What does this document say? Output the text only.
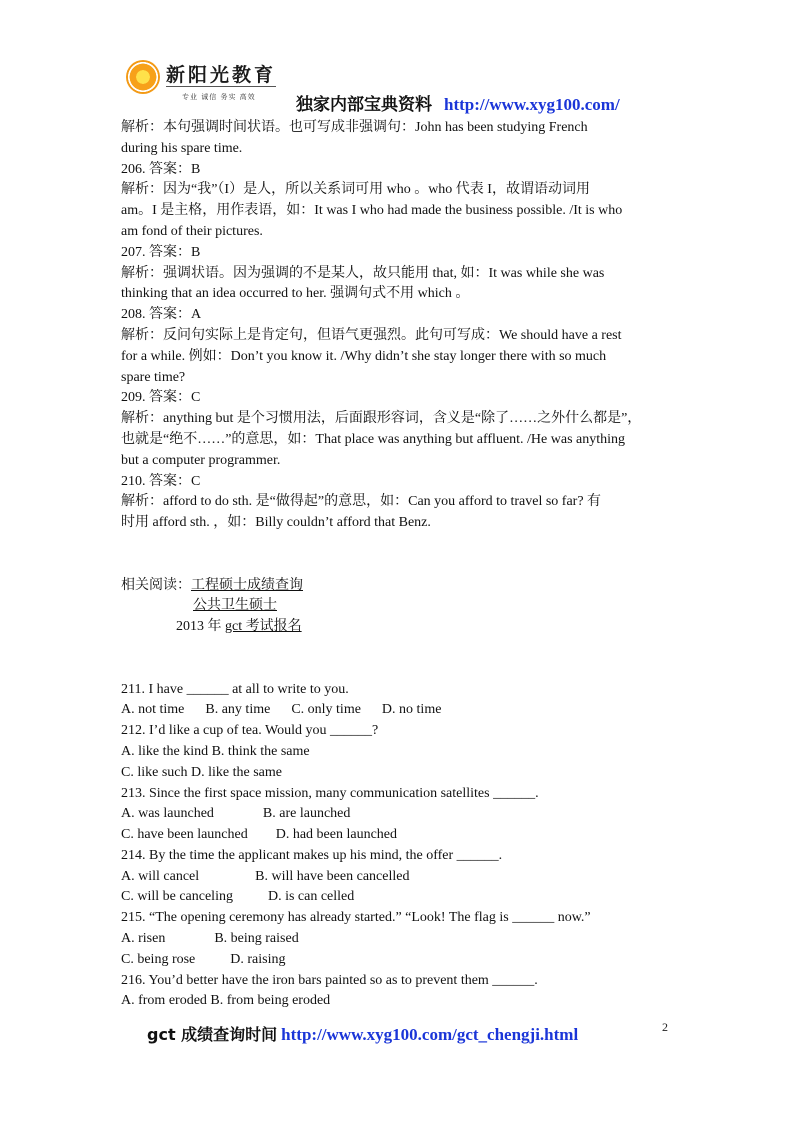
新阳光教育
专业 诚信 务实 高效 独家内部宝典资料 http://www.xyg100.com/
解析：本句强调时间状语。也可写成非强调句：John has been studying French
during his spare time.
206. 答案：B
解析：因为“我”（I）是人，所以关系词可用 who 。who 代表 I，故谓语动词用
am。I 是主格，用作表语，如：It was I who had made the business possible. /It is who
am fond of their pictures.
207. 答案：B
解析：强调状语。因为强调的不是某人，故只能用 that, 如：It was while she was
thinking that an idea occurred to her. 强调句式不用 which 。
208. 答案：A
解析：反问句实际上是肯定句，但语气更强烈。此句可写成：We should have a rest
for a while. 例如：Don’t you know it. /Why didn’t she stay longer there with so much
spare time?
209. 答案：C
解析：anything but 是个习惯用法，后面跟形容词，含义是“除了……之外什么都是”，
也就是“绝不……”的意思，如：That place was anything but affluent. /He was anything
but a computer programmer.
210. 答案：C
解析：afford to do sth. 是“做得起”的意思，如：Can you afford to travel so far? 有
时用 afford sth. ，如：Billy couldn’t afford that Benz.
相关阅读：工程硕士成绩查询
公共卫生硕士
2013 年 gct 考试报名
211. I have ______ at all to write to you.
A. not time      B. any time      C. only time      D. no time
212. I’d like a cup of tea. Would you ______?
A. like the kind B. think the same
C. like such D. like the same
213. Since the first space mission, many communication satellites ______.
A. was launched              B. are launched
C. have been launched        D. had been launched
214. By the time the applicant makes up his mind, the offer ______.
A. will cancel                B. will have been cancelled
C. will be canceling          D. is can celled
215. “The opening ceremony has already started.” “Look! The flag is ______ now.”
A. risen              B. being raised
C. being rose          D. raising
216. You’d better have the iron bars painted so as to prevent them ______.
A. from eroded B. from being eroded
gct 成绩查询时间 http://www.xyg100.com/gct_chengji.html	2
